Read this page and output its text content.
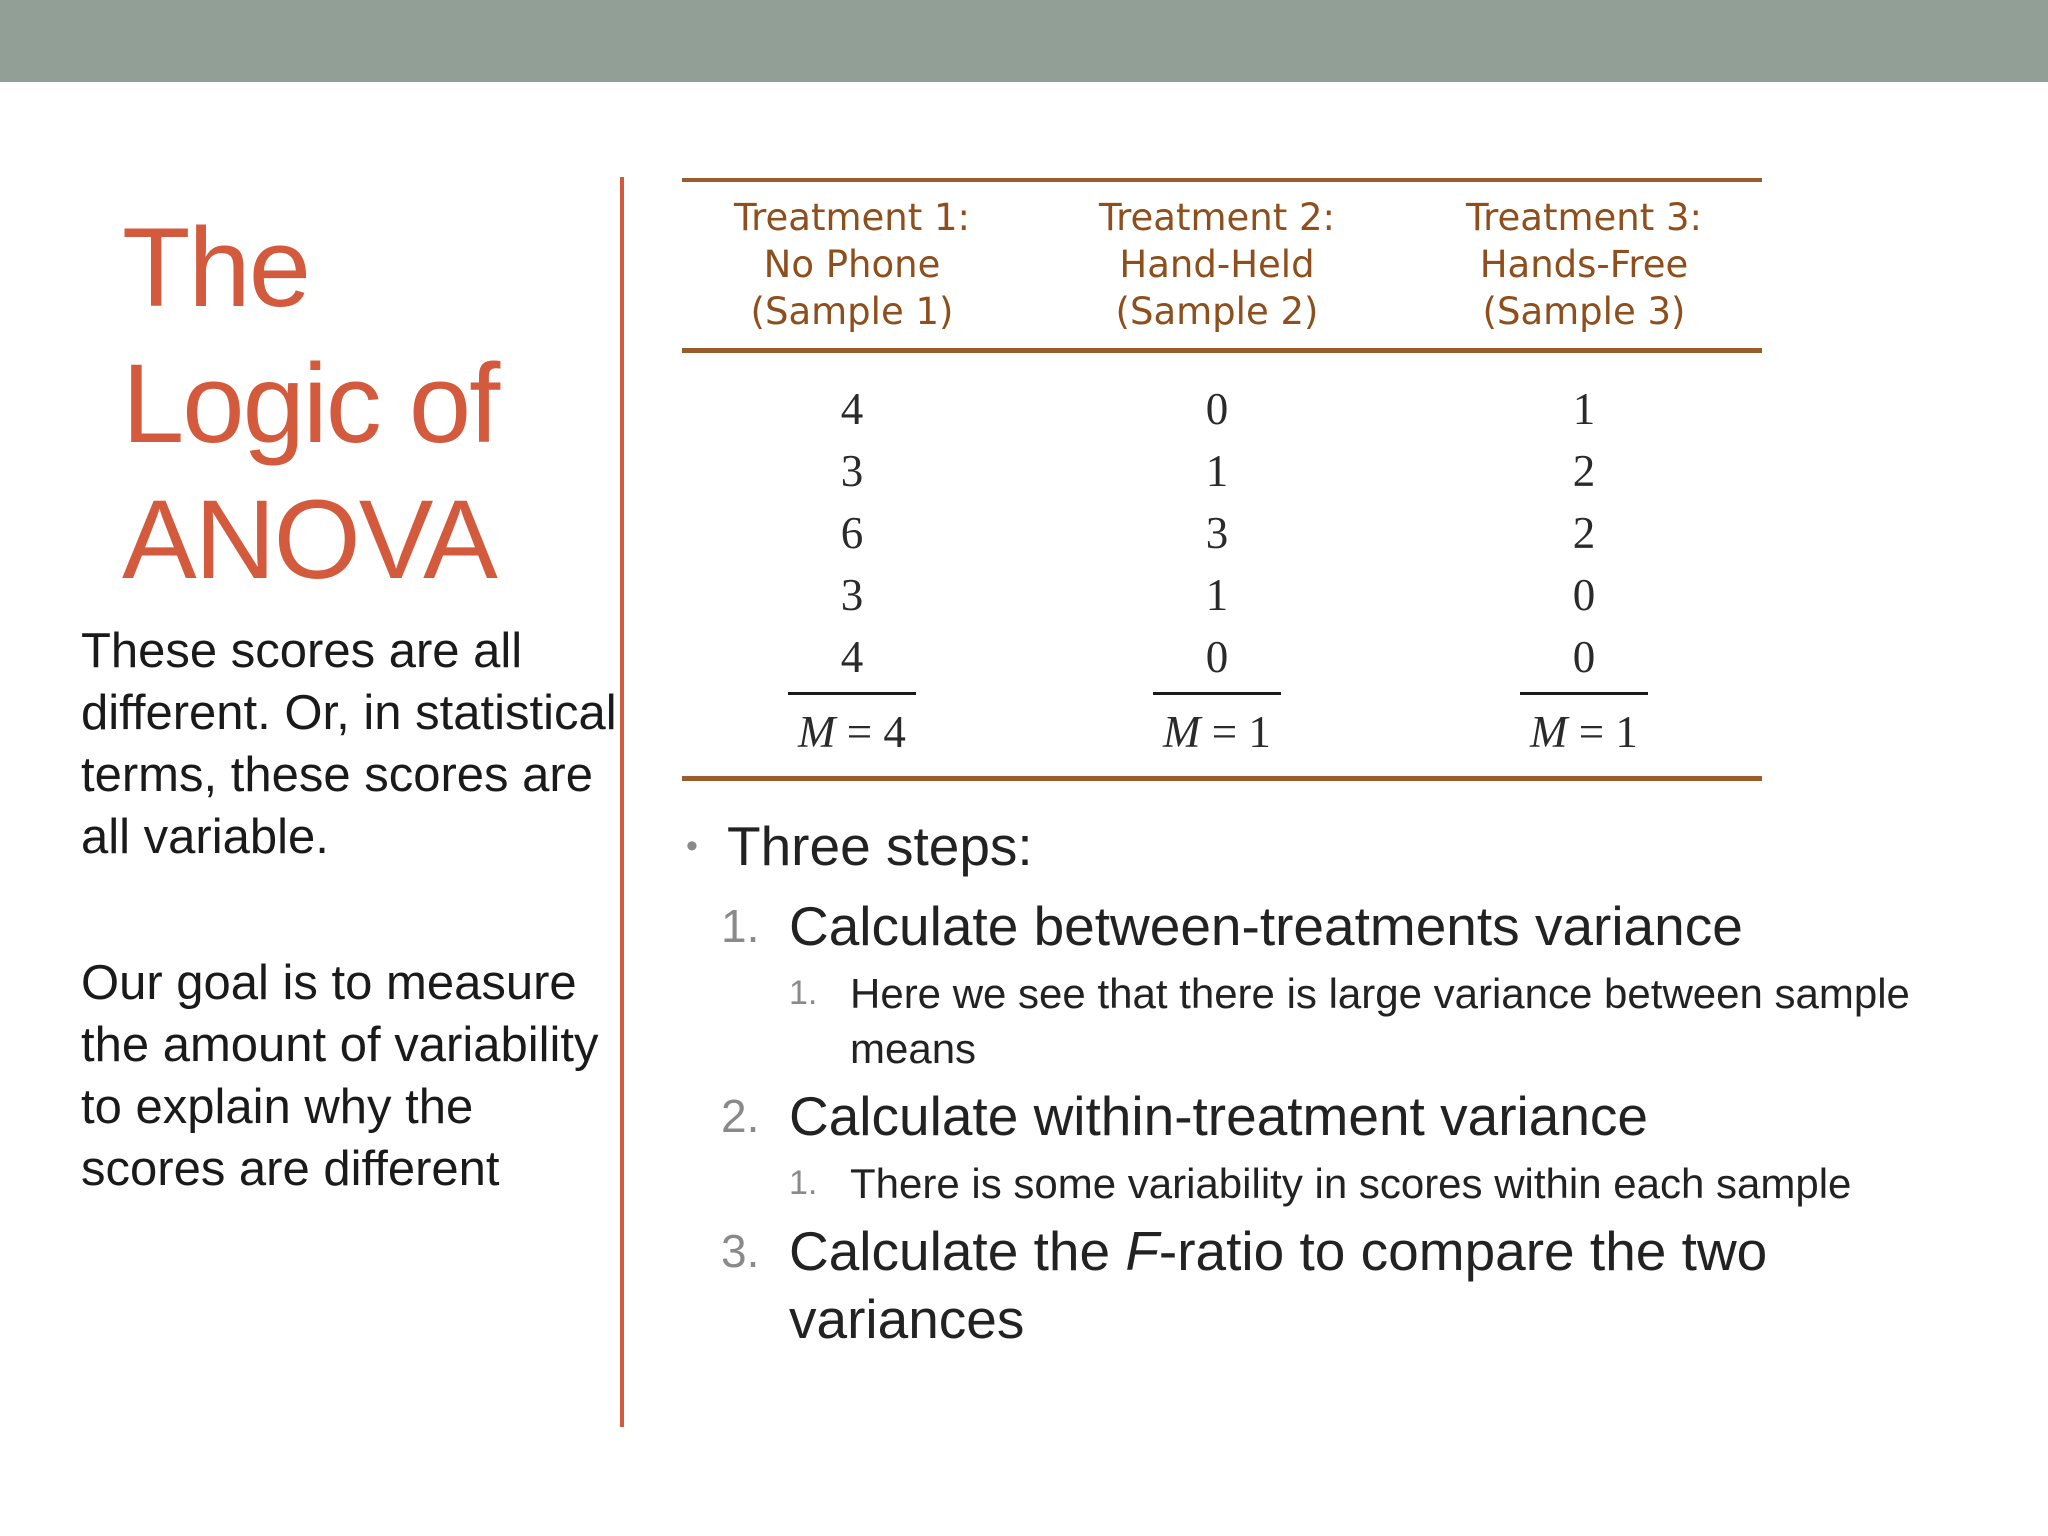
The
Logic of
ANOVA
These scores are all different. Or, in statistical terms, these scores are all variable.
Our goal is to measure the amount of variability to explain why the scores are different
Treatment 1:
No Phone
(Sample 1)
Treatment 2:
Hand-Held
(Sample 2)
Treatment 3:
Hands-Free
(Sample 3)
4
3
6
3
4
M = 4
0
1
3
1
0
M = 1
1
2
2
0
0
M = 1
• Three steps:
1. Calculate between-treatments variance
1. Here we see that there is large variance between sample means
2. Calculate within-treatment variance
1. There is some variability in scores within each sample
3. Calculate the F-ratio to compare the two variances
